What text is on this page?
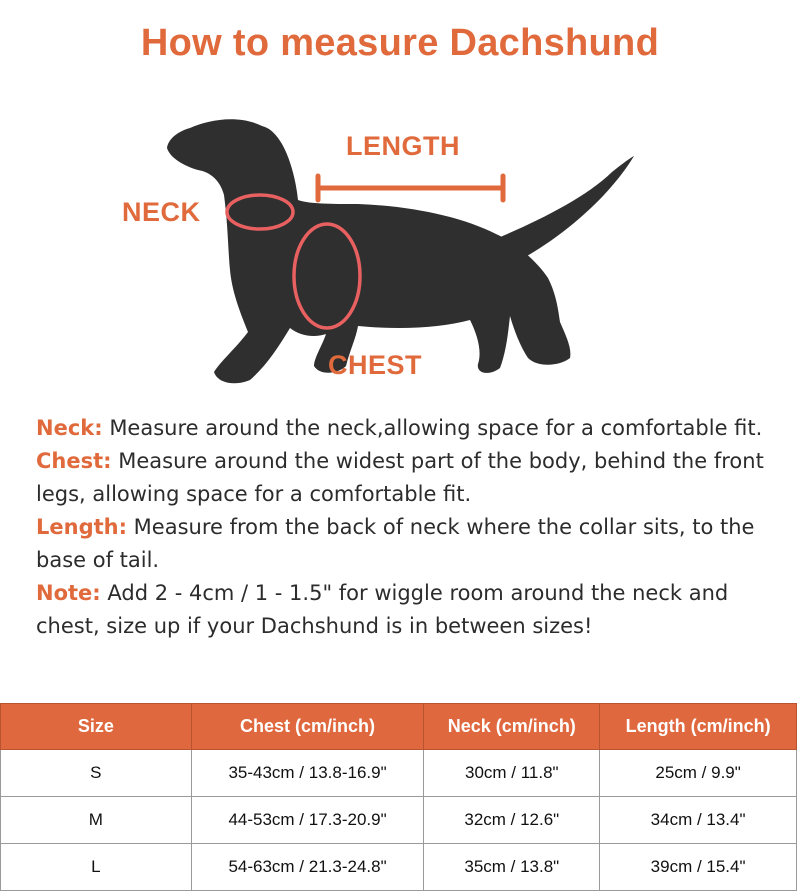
How to measure Dachshund
NECK
LENGTH
CHEST

Neck: Measure around the neck,allowing space for a comfortable fit.

Chest: Measure around the widest part of the body, behind the front legs, allowing space for a comfortable fit.

Length: Measure from the back of neck where the collar sits, to the base of tail.

Note: Add 2 - 4cm / 1 - 1.5" for wiggle room around the neck and chest, size up if your Dachshund is in between sizes!

Size	Chest (cm/inch)	Neck (cm/inch)	Length (cm/inch)
S	35-43cm / 13.8-16.9"	30cm / 11.8"	25cm / 9.9"
M	44-53cm / 17.3-20.9"	32cm / 12.6"	34cm / 13.4"
L	54-63cm / 21.3-24.8"	35cm / 13.8"	39cm / 15.4"
